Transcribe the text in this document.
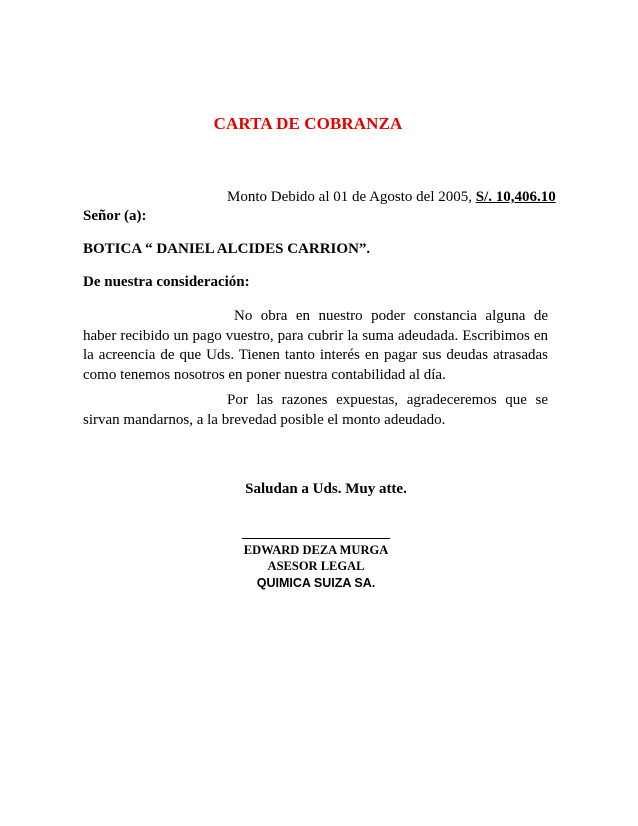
CARTA DE COBRANZA
Monto Debido al 01 de Agosto del 2005, S/. 10,406.10
Señor (a):
BOTICA “ DANIEL ALCIDES CARRION”.
De nuestra consideración:
No obra en nuestro poder constancia alguna de haber recibido un pago vuestro, para cubrir la suma adeudada. Escribimos en la acreencia de que Uds. Tienen tanto interés en pagar sus deudas atrasadas como tenemos nosotros en poner nuestra contabilidad al día.
Por las razones expuestas, agradeceremos que se sirvan mandarnos, a la brevedad posible el monto adeudado.
Saludan a Uds. Muy atte.
EDWARD DEZA MURGA
ASESOR LEGAL
QUIMICA SUIZA SA.
